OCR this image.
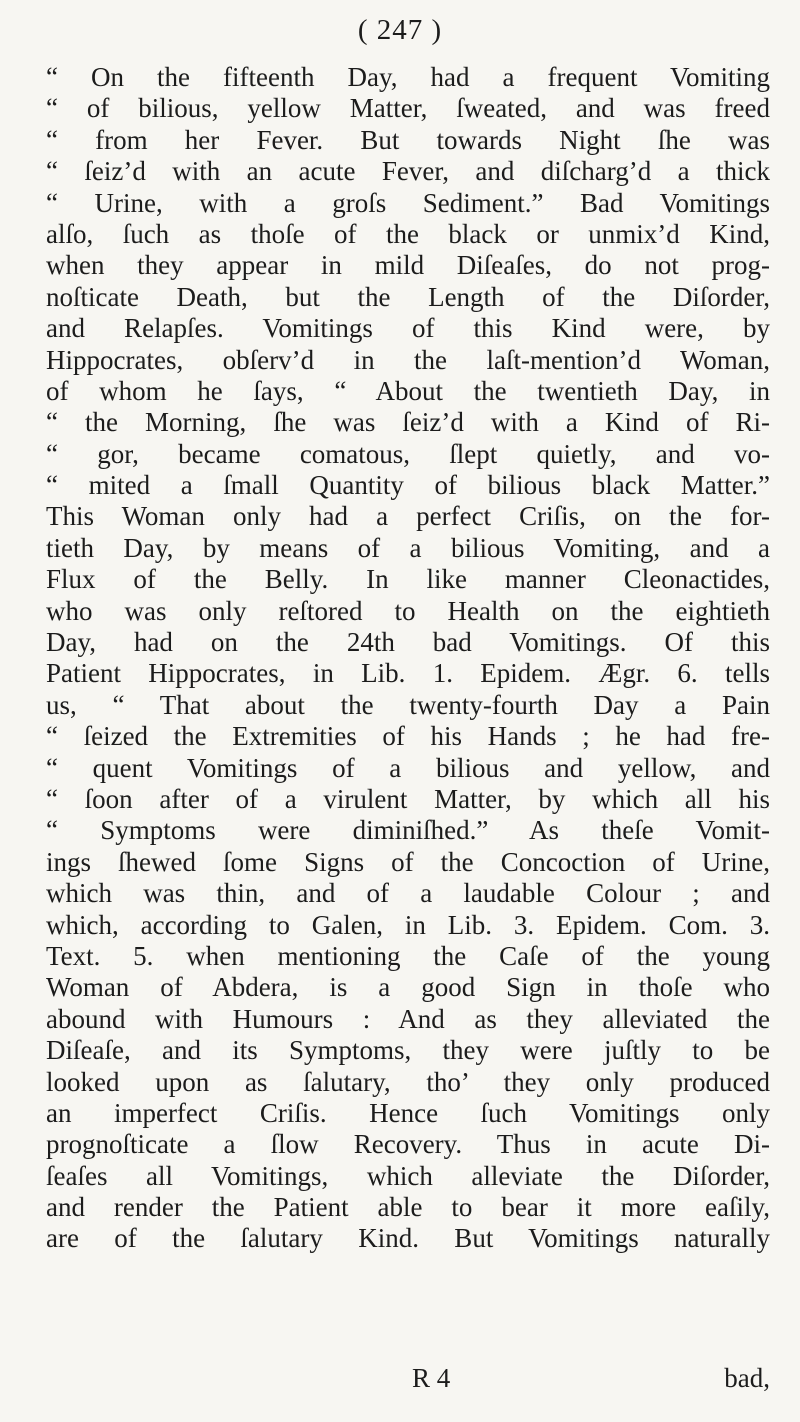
( 247 )
“ On the fifteenth Day, had a frequent Vomiting
“ of bilious, yellow Matter, ſweated, and was freed
“ from her Fever. But towards Night ſhe was
“ ſeiz’d with an acute Fever, and diſcharg’d a thick
“ Urine, with a groſs Sediment.” Bad Vomitings
alſo, ſuch as thoſe of the black or unmix’d Kind,
when they appear in mild Diſeaſes, do not prog-
noſticate Death, but the Length of the Diſorder,
and Relapſes. Vomitings of this Kind were, by
Hippocrates, obſerv’d in the laſt-mention’d Woman,
of whom he ſays, “ About the twentieth Day, in
“ the Morning, ſhe was ſeiz’d with a Kind of Ri-
“ gor, became comatous, ſlept quietly, and vo-
“ mited a ſmall Quantity of bilious black Matter.”
This Woman only had a perfect Criſis, on the for-
tieth Day, by means of a bilious Vomiting, and a
Flux of the Belly. In like manner Cleonactides,
who was only reſtored to Health on the eightieth
Day, had on the 24th bad Vomitings. Of this
Patient Hippocrates, in Lib. 1. Epidem. Ægr. 6. tells
us, “ That about the twenty-fourth Day a Pain
“ ſeized the Extremities of his Hands ; he had fre-
“ quent Vomitings of a bilious and yellow, and
“ ſoon after of a virulent Matter, by which all his
“ Symptoms were diminiſhed.” As theſe Vomit-
ings ſhewed ſome Signs of the Concoction of Urine,
which was thin, and of a laudable Colour ; and
which, according to Galen, in Lib. 3. Epidem. Com. 3.
Text. 5. when mentioning the Caſe of the young
Woman of Abdera, is a good Sign in thoſe who
abound with Humours : And as they alleviated the
Diſeaſe, and its Symptoms, they were juſtly to be
looked upon as ſalutary, tho’ they only produced
an imperfect Criſis. Hence ſuch Vomitings only
prognoſticate a ſlow Recovery. Thus in acute Di-
ſeaſes all Vomitings, which alleviate the Diſorder,
and render the Patient able to bear it more eaſily,
are of the ſalutary Kind. But Vomitings naturally
R 4	bad,
